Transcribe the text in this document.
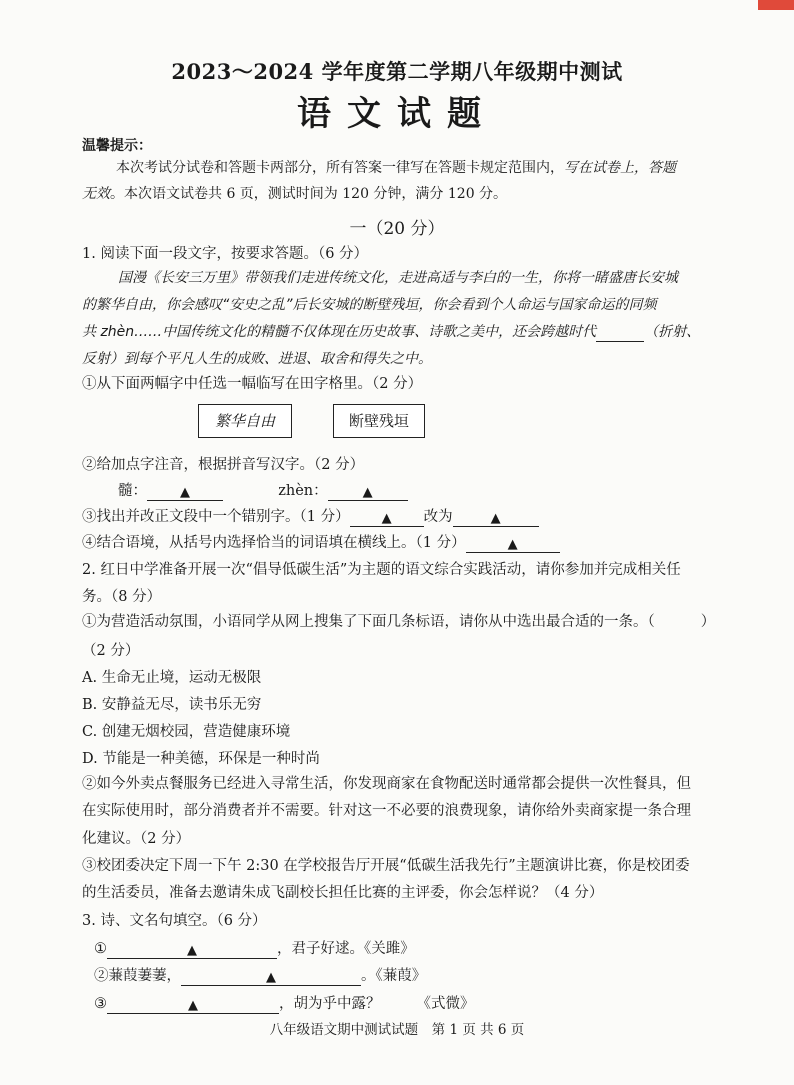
2023～2024 学年度第二学期八年级期中测试
语文试题
温馨提示：
本次考试分试卷和答题卡两部分，所有答案一律写在答题卡规定范围内，写在试卷上，答题
无效。本次语文试卷共 6 页，测试时间为 120 分钟，满分 120 分。
一（20 分）
1. 阅读下面一段文字，按要求答题。（6 分）
国漫《长安三万里》带领我们走进传统文化，走进高适与李白的一生，你将一睹盛唐长安城
的繁华自由，你会感叹“安史之乱”后长安城的断壁残垣，你会看到个人命运与国家命运的同频
共 zhèn……中国传统文化的精髓不仅体现在历史故事、诗歌之美中，还会跨越时代	（折射、
反射）到每个平凡人生的成败、进退、取舍和得失之中。
①从下面两幅字中任选一幅临写在田字格里。（2 分）
繁华自由	断壁残垣
②给加点字注音，根据拼音写汉字。（2 分）
髓：	▲	zhèn：	▲
③找出并改正文段中一个错别字。（1 分） ▲ 改为	▲
④结合语境，从括号内选择恰当的词语填在横线上。（1 分）	▲
2. 红日中学准备开展一次“倡导低碳生活”为主题的语文综合实践活动，请你参加并完成相关任
务。（8 分）
①为营造活动氛围，小语同学从网上搜集了下面几条标语，请你从中选出最合适的一条。（	）
（2 分）
A. 生命无止境，运动无极限
B. 安静益无尽，读书乐无穷
C. 创建无烟校园，营造健康环境
D. 节能是一种美德，环保是一种时尚
②如今外卖点餐服务已经进入寻常生活，你发现商家在食物配送时通常都会提供一次性餐具，但
在实际使用时，部分消费者并不需要。针对这一不必要的浪费现象，请你给外卖商家提一条合理
化建议。（2 分）
③校团委决定下周一下午 2:30 在学校报告厅开展“低碳生活我先行”主题演讲比赛，你是校团委
的生活委员，准备去邀请朱成飞副校长担任比赛的主评委，你会怎样说？（4 分）
3. 诗、文名句填空。（6 分）
①	▲	，君子好逑。《关雎》
②蒹葭萋萋，	▲	。《蒹葭》
③	▲	，胡为乎中露？ 《式微》
八年级语文期中测试试题　第 1 页 共 6 页
